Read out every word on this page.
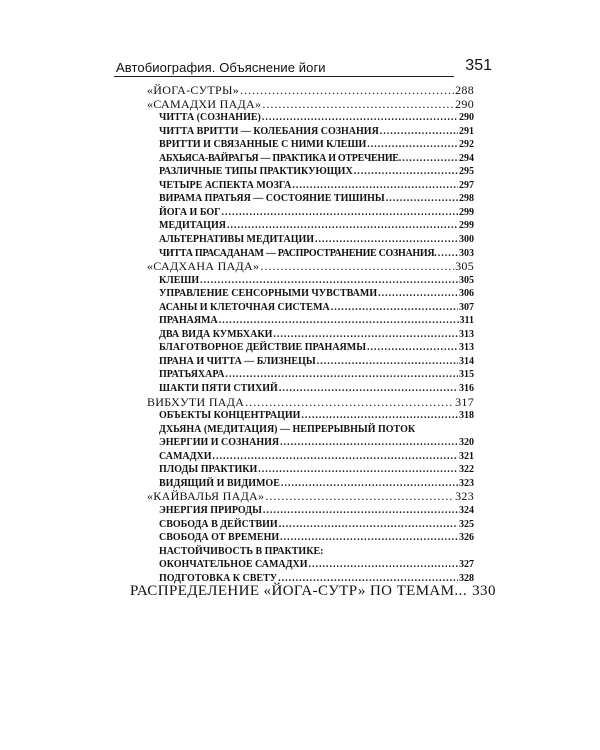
Автобиография. Объяснение йоги	351
«ЙОГА-СУТРЫ» .....	288
«САМАДХИ ПАДА» .....	290
ЧИТТА (СОЗНАНИЕ) .....	290
ЧИТТА ВРИТТИ — КОЛЕБАНИЯ СОЗНАНИЯ .....	291
ВРИТТИ И СВЯЗАННЫЕ С НИМИ КЛЕШИ .....	292
АБХЬЯСА-ВАЙРАГЬЯ — ПРАКТИКА И ОТРЕЧЕНИЕ .....	294
РАЗЛИЧНЫЕ ТИПЫ ПРАКТИКУЮЩИХ .....	295
ЧЕТЫРЕ АСПЕКТА МОЗГА .....	297
ВИРАМА ПРАТЬЯЯ — СОСТОЯНИЕ ТИШИНЫ .....	298
ЙОГА И БОГ .....	299
МЕДИТАЦИЯ .....	299
АЛЬТЕРНАТИВЫ МЕДИТАЦИИ .....	300
ЧИТТА ПРАСАДАНАМ — РАСПРОСТРАНЕНИЕ СОЗНАНИЯ ..... 303
«САДХАНА ПАДА» .....	305
КЛЕШИ .....	305
УПРАВЛЕНИЕ СЕНСОРНЫМИ ЧУВСТВАМИ .....	306
АСАНЫ И КЛЕТОЧНАЯ СИСТЕМА .....	307
ПРАНАЯМА .....	311
ДВА ВИДА КУМБХАКИ .....	313
БЛАГОТВОРНОЕ ДЕЙСТВИЕ ПРАНАЯМЫ .....	313
ПРАНА И ЧИТТА — БЛИЗНЕЦЫ .....	314
ПРАТЬЯХАРА .....	315
ШАКТИ ПЯТИ СТИХИЙ .....	316
ВИБХУТИ ПАДА .....	317
ОБЪЕКТЫ КОНЦЕНТРАЦИИ .....	318
ДХЬЯНА (МЕДИТАЦИЯ) — НЕПРЕРЫВНЫЙ ПОТОК
ЭНЕРГИИ И СОЗНАНИЯ .....	320
САМАДХИ .....	321
ПЛОДЫ ПРАКТИКИ .....	322
ВИДЯЩИЙ И ВИДИМОЕ .....	323
«КАЙВАЛЬЯ ПАДА» .....	323
ЭНЕРГИЯ ПРИРОДЫ .....	324
СВОБОДА В ДЕЙСТВИИ .....	325
СВОБОДА ОТ ВРЕМЕНИ .....	326
НАСТОЙЧИВОСТЬ В ПРАКТИКЕ:
ОКОНЧАТЕЛЬНОЕ САМАДХИ .....	327
ПОДГОТОВКА К СВЕТУ .....	328
РАСПРЕДЕЛЕНИЕ «ЙОГА-СУТР» ПО ТЕМАМ ... 330
